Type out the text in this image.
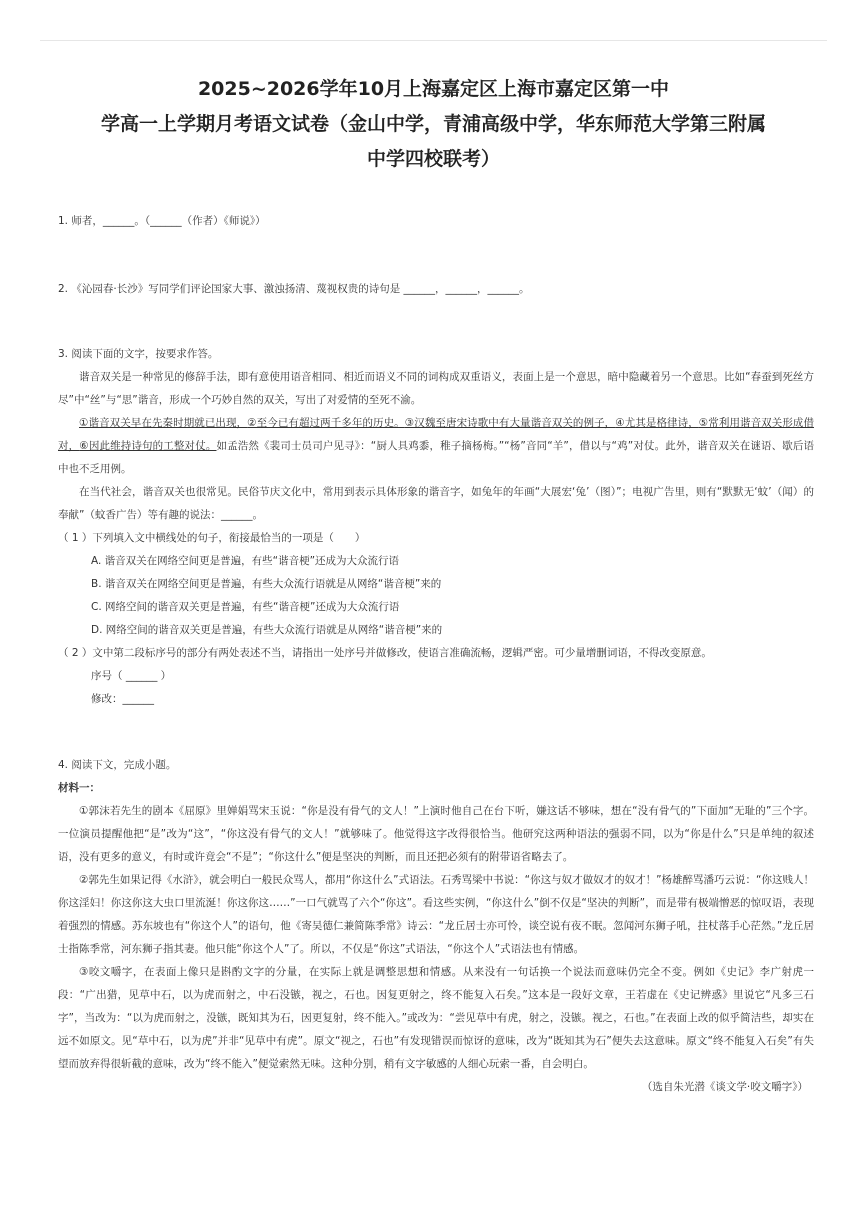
2025~2026学年10月上海嘉定区上海市嘉定区第一中
学高一上学期月考语文试卷（金山中学，青浦高级中学，华东师范大学第三附属
中学四校联考）
1. 师者，______。（______（作者）《师说》）
2. 《沁园春·长沙》写同学们评论国家大事、激浊扬清、蔑视权贵的诗句是 ______，______，______。
3. 阅读下面的文字，按要求作答。
谐音双关是一种常见的修辞手法，即有意使用语音相同、相近而语义不同的词构成双重语义，表面上是一个意思，暗中隐藏着另一个意思。比如“春蚕到死丝方尽”中“丝”与“思”谐音，形成一个巧妙自然的双关，写出了对爱情的至死不渝。
①谐音双关早在先秦时期就已出现，②至今已有超过两千多年的历史。③汉魏至唐宋诗歌中有大量谐音双关的例子，④尤其是格律诗，⑤常利用谐音双关形成借对，⑥因此维持诗句的工整对仗。如孟浩然《裴司士员司户见寻》：“厨人具鸡黍，稚子摘杨梅。”“杨”音同“羊”，借以与“鸡”对仗。此外，谐音双关在谜语、歇后语中也不乏用例。
在当代社会，谐音双关也很常见。民俗节庆文化中，常用到表示具体形象的谐音字，如兔年的年画“大展宏‘兔’（图）”；电视广告里，则有“默默无‘蚊’（闻）的奉献”（蚊香广告）等有趣的说法：______。
（ 1 ）下列填入文中横线处的句子，衔接最恰当的一项是（　　）
A. 谐音双关在网络空间更是普遍，有些“谐音梗”还成为大众流行语
B. 谐音双关在网络空间更是普遍，有些大众流行语就是从网络“谐音梗”来的
C. 网络空间的谐音双关更是普遍，有些“谐音梗”还成为大众流行语
D. 网络空间的谐音双关更是普遍，有些大众流行语就是从网络“谐音梗”来的
（ 2 ）文中第二段标序号的部分有两处表述不当，请指出一处序号并做修改，使语言准确流畅，逻辑严密。可少量增删词语，不得改变原意。
序号（ ______ ）
修改：______
4. 阅读下文，完成小题。
材料一：
①郭沫若先生的剧本《屈原》里婵娟骂宋玉说：“你是没有骨气的文人！”上演时他自己在台下听，嫌这话不够味，想在“没有骨气的”下面加“无耻的”三个字。一位演员提醒他把“是”改为“这”，“你这没有骨气的文人！”就够味了。他觉得这字改得很恰当。他研究这两种语法的强弱不同，以为“你是什么”只是单纯的叙述语，没有更多的意义，有时或许竟会“不是”；“你这什么”便是坚决的判断，而且还把必须有的附带语省略去了。
②郭先生如果记得《水浒》，就会明白一般民众骂人，都用“你这什么”式语法。石秀骂梁中书说：“你这与奴才做奴才的奴才！”杨雄醉骂潘巧云说：“你这贱人！你这淫妇！你这你这大虫口里流涎！你这你这……”一口气就骂了六个“你这”。看这些实例，“你这什么”倒不仅是“坚决的判断”，而是带有极端憎恶的惊叹语，表现着强烈的情感。苏东坡也有“你这个人”的语句，他《寄吴德仁兼简陈季常》诗云：“龙丘居士亦可怜，谈空说有夜不眠。忽闻河东狮子吼，拄杖落手心茫然。”龙丘居士指陈季常，河东狮子指其妻。他只能“你这个人”了。所以，不仅是“你这”式语法，“你这个人”式语法也有情感。
③咬文嚼字，在表面上像只是斟酌文字的分量，在实际上就是调整思想和情感。从来没有一句话换一个说法而意味仍完全不变。例如《史记》李广射虎一段：“广出猎，见草中石，以为虎而射之，中石没镞，视之，石也。因复更射之，终不能复入石矣。”这本是一段好文章，王若虚在《史记辨惑》里说它“凡多三石字”，当改为：“以为虎而射之，没镞，既知其为石，因更复射，终不能入。”或改为：“尝见草中有虎，射之，没镞。视之，石也。”在表面上改的似乎简洁些，却实在远不如原文。见“草中石，以为虎”并非“见草中有虎”。原文“视之，石也”有发现错误而惊讶的意味，改为“既知其为石”便失去这意味。原文“终不能复入石矣”有失望而放弃得很斩截的意味，改为“终不能入”便觉索然无味。这种分别，稍有文字敏感的人细心玩索一番，自会明白。
（选自朱光潜《谈文学·咬文嚼字》）
